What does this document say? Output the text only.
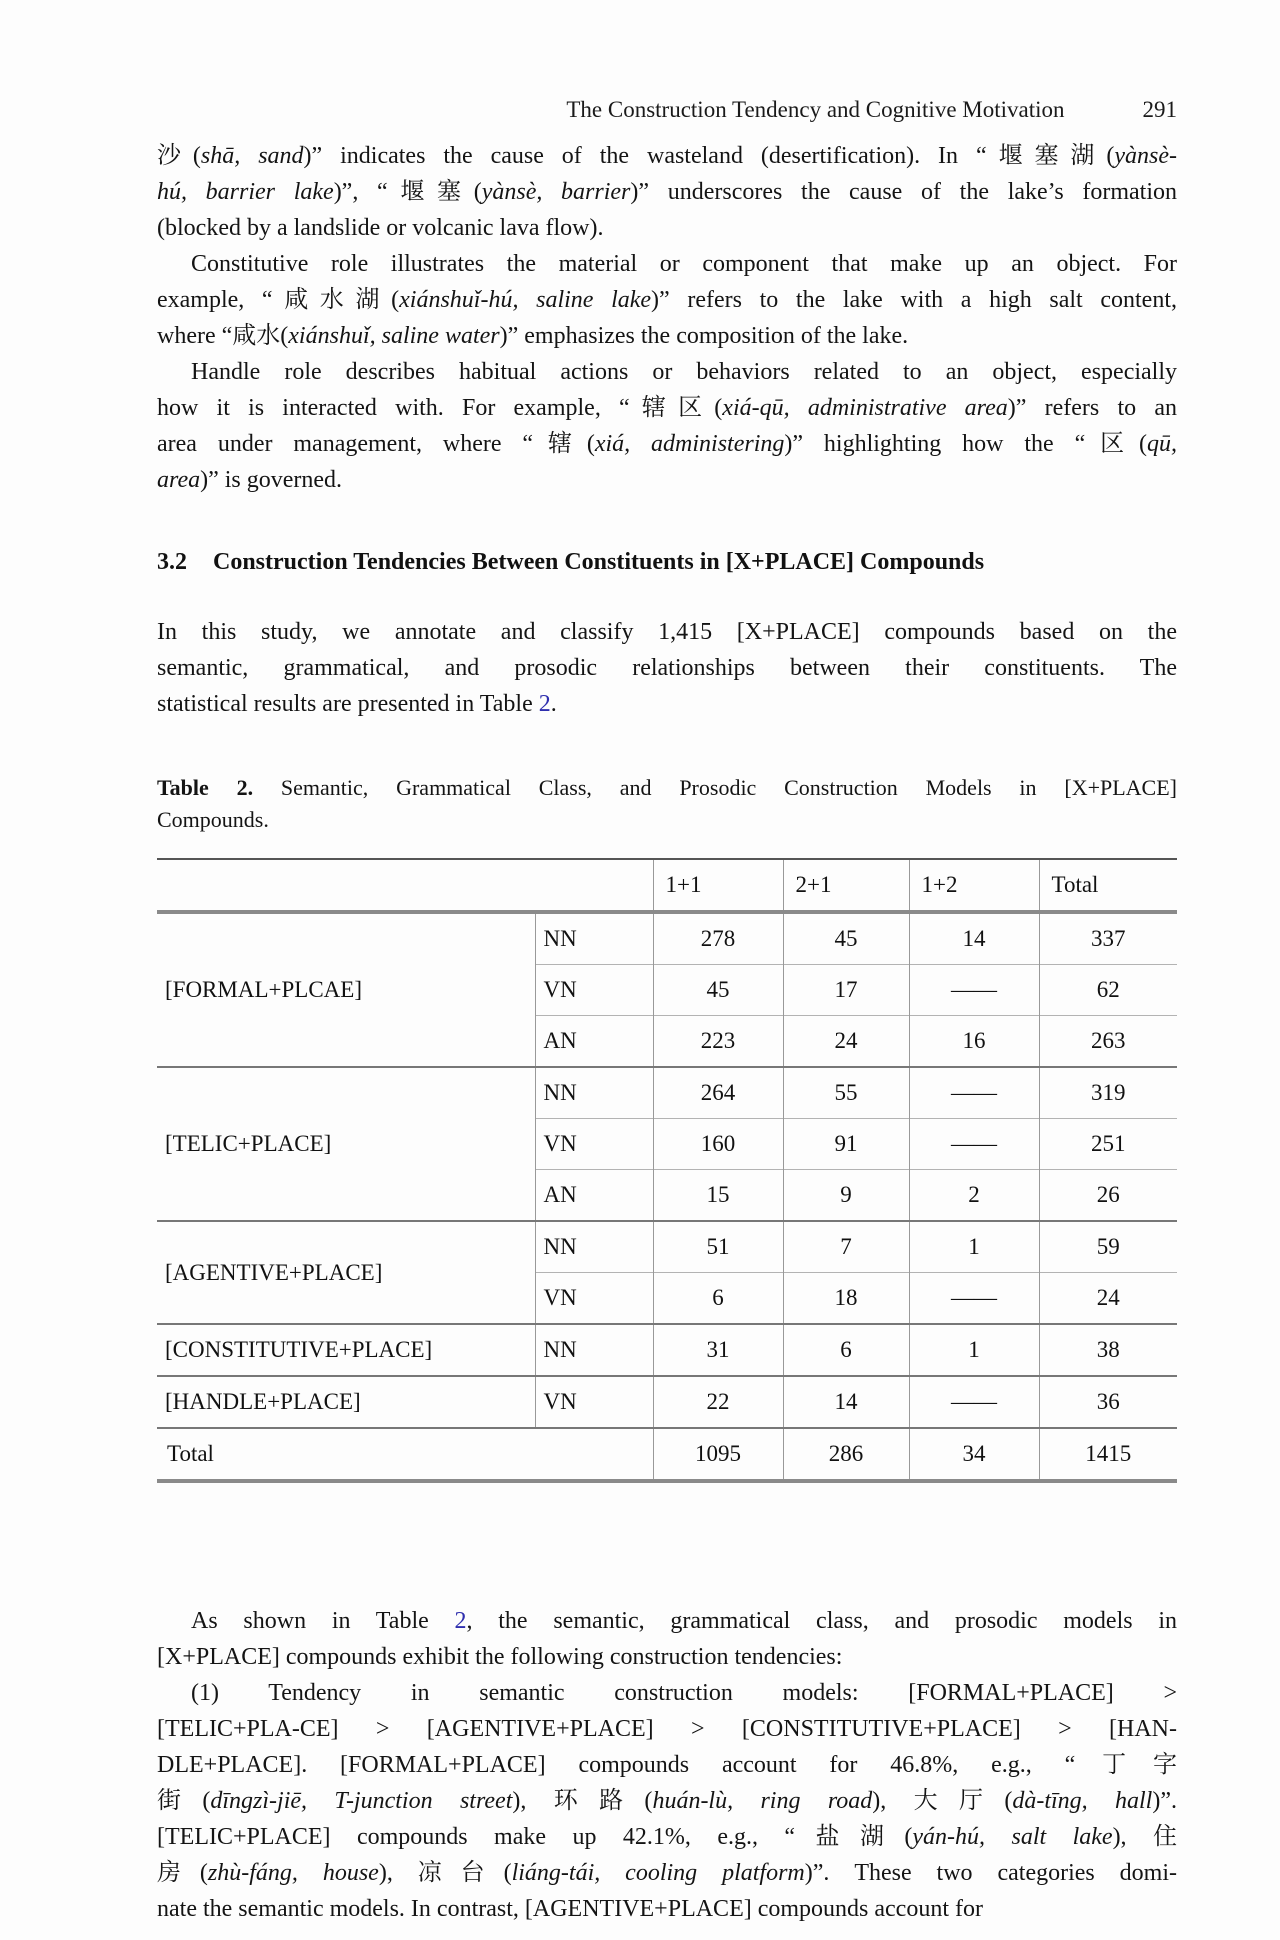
The Construction Tendency and Cognitive Motivation	291
沙(shā, sand)” indicates the cause of the wasteland (desertification). In “堰塞湖(yànsè-
hú, barrier lake)”, “堰塞(yànsè, barrier)” underscores the cause of the lake’s formation
(blocked by a landslide or volcanic lava flow).
Constitutive role illustrates the material or component that make up an object. For
example, “咸水湖(xiánshuǐ-hú, saline lake)” refers to the lake with a high salt content,
where “咸水(xiánshuǐ, saline water)” emphasizes the composition of the lake.
Handle role describes habitual actions or behaviors related to an object, especially
how it is interacted with. For example, “辖区(xiá-qū, administrative area)” refers to an
area under management, where “辖(xiá, administering)” highlighting how the “区(qū,
area)” is governed.
3.2 Construction Tendencies Between Constituents in [X+PLACE] Compounds
In this study, we annotate and classify 1,415 [X+PLACE] compounds based on the
semantic, grammatical, and prosodic relationships between their constituents. The
statistical results are presented in Table 2.
Table 2. Semantic, Grammatical Class, and Prosodic Construction Models in [X+PLACE]
Compounds.
		1+1	2+1	1+2	Total
[FORMAL+PLCAE]	NN	278	45	14	337
	VN	45	17	——	62
	AN	223	24	16	263
[TELIC+PLACE]	NN	264	55	——	319
	VN	160	91	——	251
	AN	15	9	2	26
[AGENTIVE+PLACE]	NN	51	7	1	59
	VN	6	18	——	24
[CONSTITUTIVE+PLACE]	NN	31	6	1	38
[HANDLE+PLACE]	VN	22	14	——	36
Total		1095	286	34	1415
As shown in Table 2, the semantic, grammatical class, and prosodic models in
[X+PLACE] compounds exhibit the following construction tendencies:
(1) Tendency in semantic construction models: [FORMAL+PLACE] >
[TELIC+PLA-CE] > [AGENTIVE+PLACE] > [CONSTITUTIVE+PLACE] > [HAN-
DLE+PLACE]. [FORMAL+PLACE] compounds account for 46.8%, e.g., “丁字
街(dīngzì-jiē, T-junction street), 环路(huán-lù, ring road), 大厅(dà-tīng, hall)”.
[TELIC+PLACE] compounds make up 42.1%, e.g., “盐湖(yán-hú, salt lake), 住
房(zhù-fáng, house), 凉台(liáng-tái, cooling platform)”. These two categories domi-
nate the semantic models. In contrast, [AGENTIVE+PLACE] compounds account for
